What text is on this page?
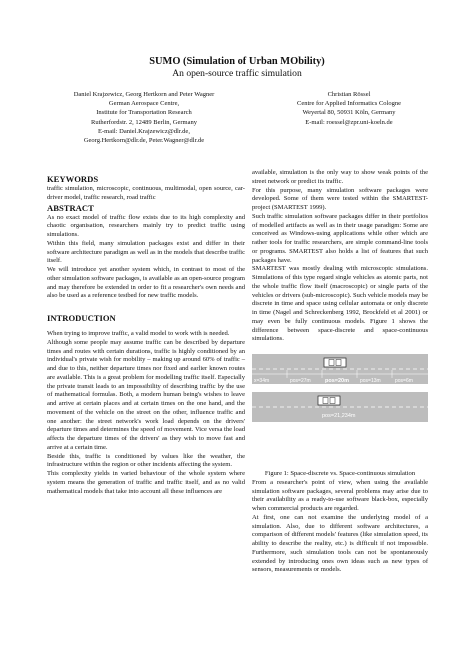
SUMO (Simulation of Urban MObility)
An open-source traffic simulation
Daniel Krajzewicz, Georg Hertkorn and Peter Wagner
German Aerospace Centre,
Institute for Transportation Research
Rutherfordstr. 2, 12489 Berlin, Germany
E-mail: Daniel.Krajzewicz@dlr.de,
Georg.Hertkorn@dlr.de, Peter.Wagner@dlr.de
Christian Rössel
Centre for Applied Informatics Cologne
Weyertal 80, 50931 Köln, Germany
E-mail: roessel@zpr.uni-koeln.de
KEYWORDS

traffic simulation, microscopic, continuous, multimodal, open source, car-driver model, traffic research, road traffic

ABSTRACT

As no exact model of traffic flow exists due to its high complexity and chaotic organisation, researchers mainly try to predict traffic using simulations.

Within this field, many simulation packages exist and differ in their software architecture paradigm as well as in the models that describe traffic itself.

We will introduce yet another system which, in contrast to most of the other simulation software packages, is available as an open-source program and may therefore be extended in order to fit a researcher's own needs and also be used as a reference testbed for new traffic models.

INTRODUCTION

When trying to improve traffic, a valid model to work with is needed.

Although some people may assume traffic can be described by departure times and routes with certain durations, traffic is highly conditioned by an individual's private wish for mobility – making up around 60% of traffic – and due to this, neither departure times nor fixed and earlier known routes are available. This is a great problem for modelling traffic itself. Especially the private transit leads to an impossibility of describing traffic by the use of mathematical formulas. Both, a modern human being's wishes to leave and arrive at certain places and at certain times on the one hand, and the movement of the vehicle on the street on the other, influence traffic and one another: the street network's work load depends on the drivers' departure times and determines the speed of movement. Vice versa the load affects the departure times of the drivers' as they wish to move fast and arrive at a certain time.

Beside this, traffic is conditioned by values like the weather, the infrastructure within the region or other incidents affecting the system.

This complexity yields in varied behaviour of the whole system where system means the generation of traffic and traffic itself, and as no valid mathematical models that take into account all these influences are

available, simulation is the only way to show weak points of the street network or predict its traffic.

For this purpose, many simulation software packages were developed. Some of them were tested within the SMARTEST-project (SMARTEST 1999).

Such traffic simulation software packages differ in their portfolios of modelled artifacts as well as in their usage paradigm: Some are conceived as Windows-using applications while other which are rather tools for traffic researchers, are simple command-line tools or programs. SMARTEST also holds a list of features that such packages have.

SMARTEST was mostly dealing with microscopic simulations. Simulations of this type regard single vehicles as atomic parts, not the whole traffic flow itself (macroscopic) or single parts of the vehicles or drivers (sub-microscopic). Such vehicle models may be discrete in time and space using cellular automata or only discrete in time (Nagel and Schreckenberg 1992, Brockfeld et al 2001) or may even be fully continuous models. Figure 1 shows the difference between space-discrete and space-continuous simulations.

x=34m	pos=27m	pos=20m pos=13m	pos=6m
pos=21,234m

Figure 1: Space-discrete vs. Space-continuous simulation

From a researcher's point of view, when using the available simulation software packages, several problems may arise due to their availability as a ready-to-use software black-box, especially when commercial products are regarded.

At first, one can not examine the underlying model of a simulation. Also, due to different software architectures, a comparison of different models' features (like simulation speed, its ability to describe the reality, etc.) is difficult if not impossible. Furthermore, such simulation tools can not be spontaneously extended by introducing ones own ideas such as new types of sensors, measurements or models.
